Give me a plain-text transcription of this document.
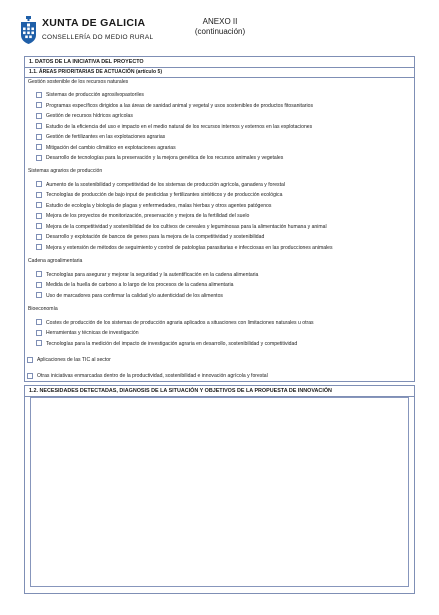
XUNTA DE GALICIA
CONSELLERÍA DO MEDIO RURAL
ANEXO II
(continuación)
1. DATOS DE LA INICIATIVA DEL PROYECTO
1.1. ÁREAS PRIORITARIAS DE ACTUACIÓN (artículo 5)
Gestión sostenible de los recursos naturales
Sistemas de producción agrosilvopastoriles
Programas específicos dirigidos a las áreas de sanidad animal y vegetal y usos sostenibles de productos fitosanitarios
Gestión de recursos hídricos agrícolas
Estudio de la eficiencia del uso e impacto en el medio natural de los recursos internos y externos en las explotaciones
Gestión de fertilizantes en las explotaciones agrarias
Mitigación del cambio climático en explotaciones agrarias
Desarrollo de tecnologías para la preservación y la mejora genética de los recursos animales y vegetales
Sistemas agrarios de producción
Aumento de la sostenibilidad y competitividad de los sistemas de producción agrícola, ganadera y forestal
Tecnologías de producción de bajo input de pesticidas y fertilizantes sintéticos y de producción ecológica
Estudio de ecología y biología de plagas y enfermedades, malas hierbas y otros agentes patógenos
Mejora de los proyectos de monitorización, preservación y mejora de la fertilidad del suelo
Mejora de la competitividad y sostenibilidad de los cultivos de cereales y leguminosas para la alimentación humana y animal
Desarrollo y explotación de bancos de genes para la mejora de la competitividad y sostenibilidad
Mejora y extensión de métodos de seguimiento y control de patologías parasitarias e infecciosas en las producciones animales
Cadena agroalimentaria
Tecnologías para asegurar y mejorar la seguridad y la autentificación en la cadena alimentaria
Medida de la huella de carbono a lo largo de los procesos de la cadena alimentaria
Uso de marcadores para confirmar la calidad y/o autenticidad de los alimentos
Bioeconomía
Costes de producción de los sistemas de producción agraria aplicados a situaciones con limitaciones naturales u otras
Herramientas y técnicas de investigación
Tecnologías para la medición del impacto de investigación agraria en desarrollo, sostenibilidad y competitividad
Aplicaciones de las TIC al sector
Otras iniciativas enmarcadas dentro de la productividad, sostenibilidad e innovación agrícola y forestal
1.2. NECESIDADES DETECTADAS, DIAGNOSIS DE LA SITUACIÓN Y OBJETIVOS DE LA PROPUESTA DE INNOVACIÓN
